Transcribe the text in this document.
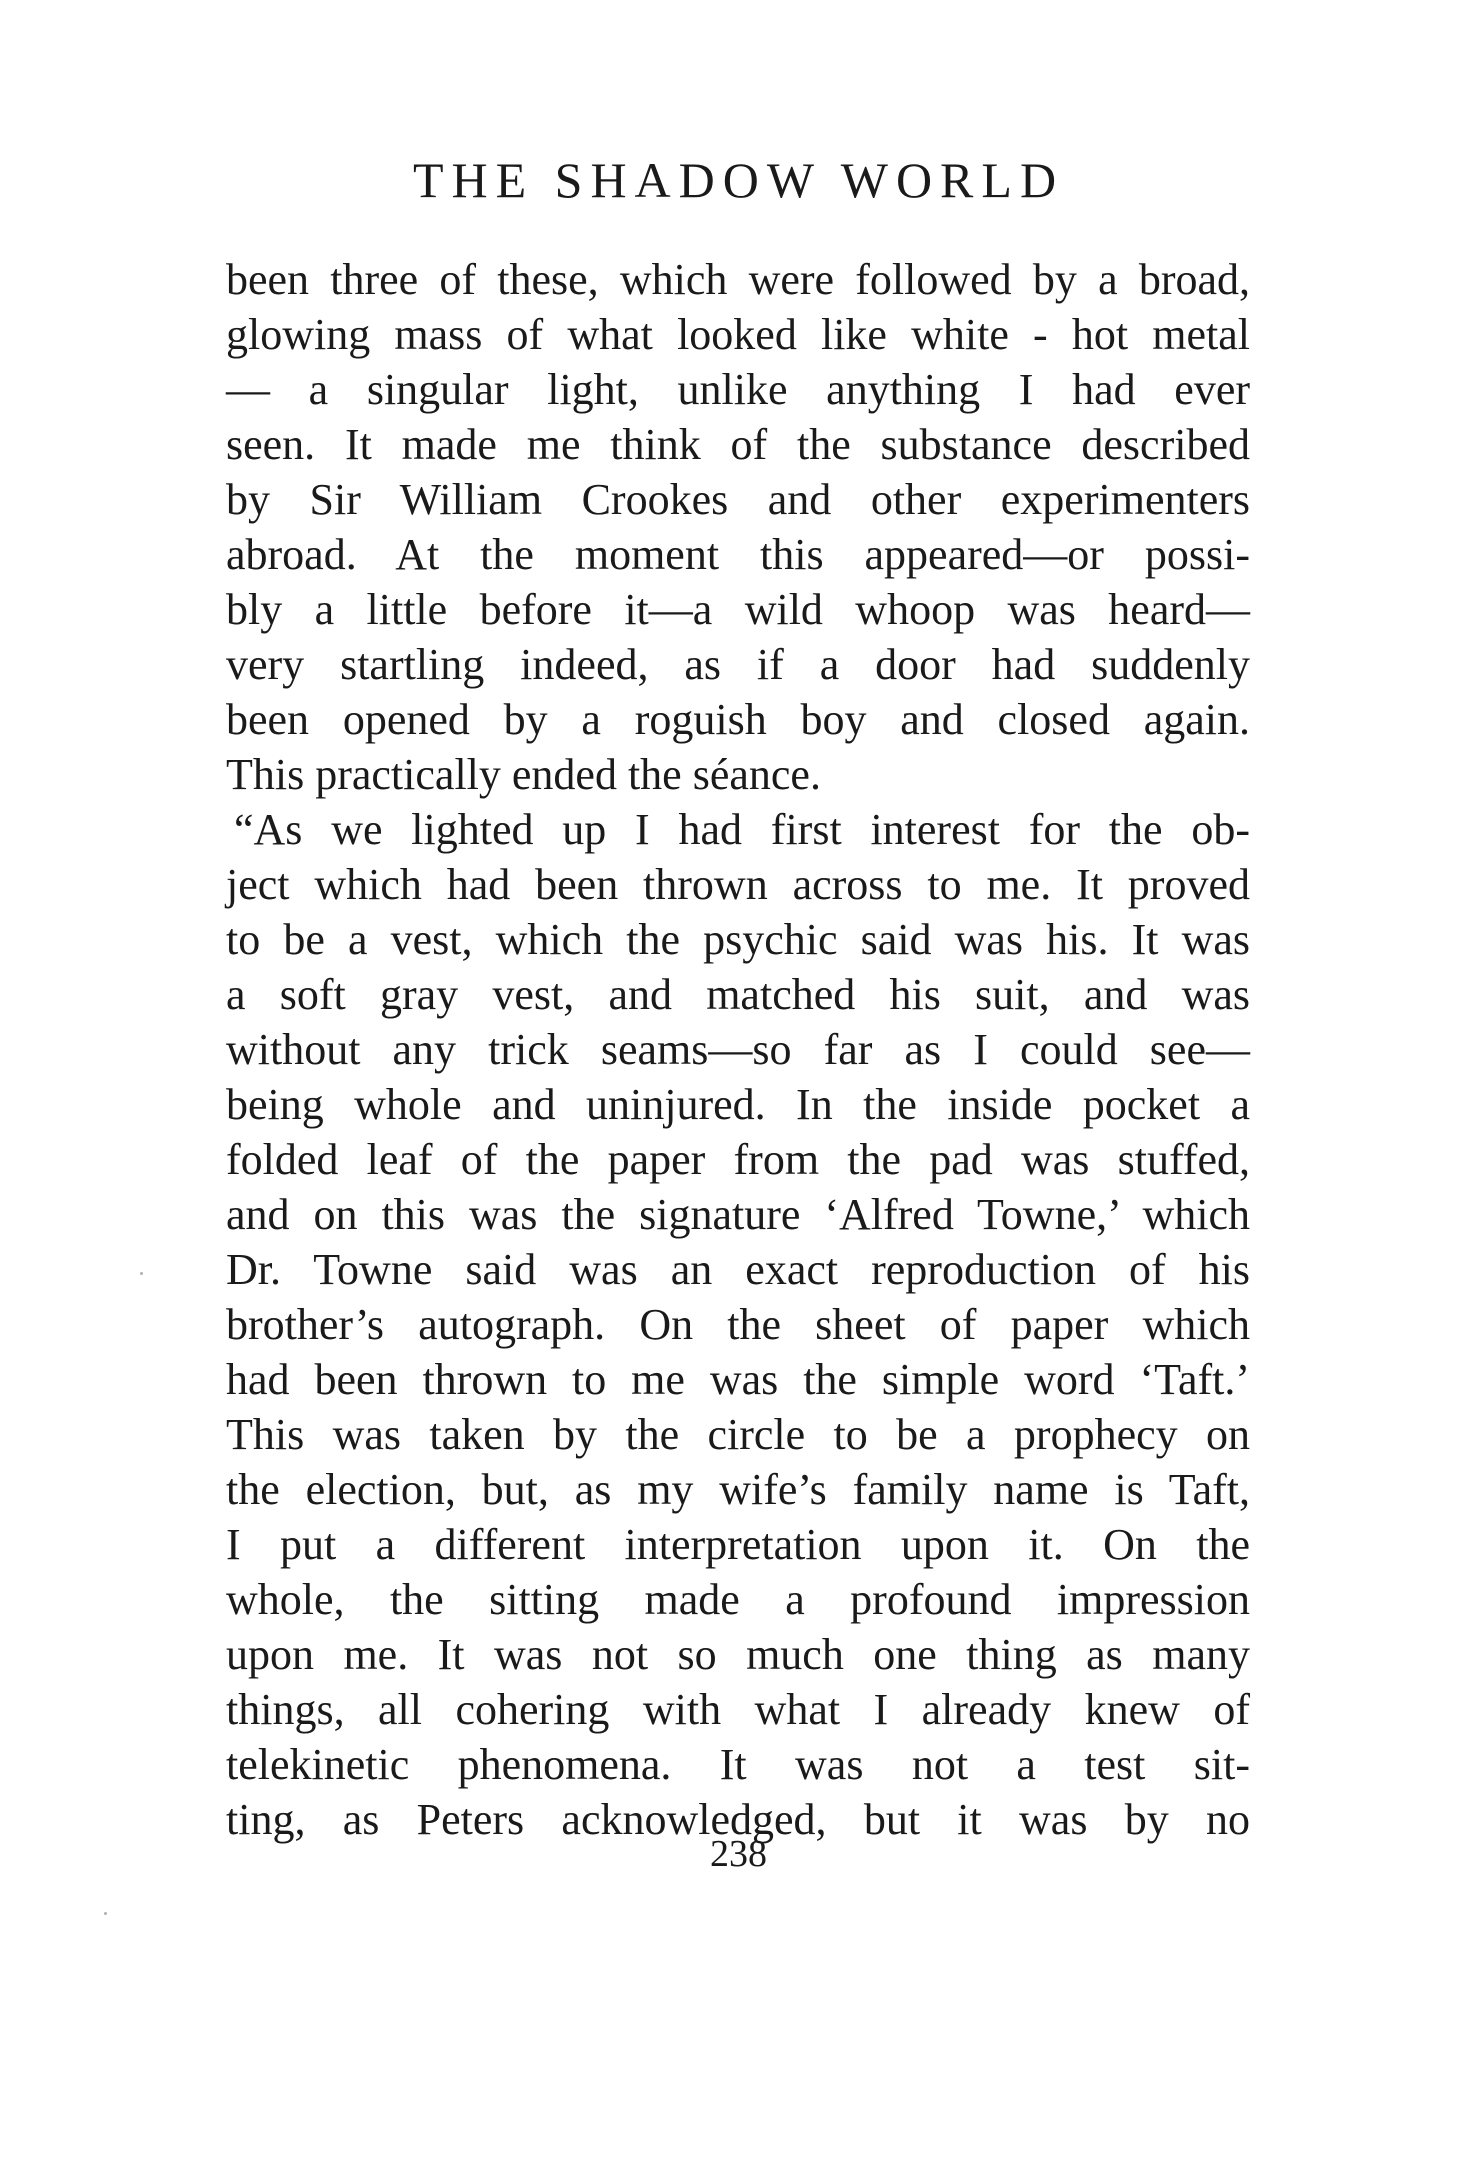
THE SHADOW WORLD
been three of these, which were followed by a broad,
glowing mass of what looked like white - hot metal
— a singular light, unlike anything I had ever
seen. It made me think of the substance described
by Sir William Crookes and other experimenters
abroad. At the moment this appeared—or possi-
bly a little before it—a wild whoop was heard—
very startling indeed, as if a door had suddenly
been opened by a roguish boy and closed again.
This practically ended the séance.
“As we lighted up I had first interest for the ob-
ject which had been thrown across to me. It proved
to be a vest, which the psychic said was his. It was
a soft gray vest, and matched his suit, and was
without any trick seams—so far as I could see—
being whole and uninjured. In the inside pocket a
folded leaf of the paper from the pad was stuffed,
and on this was the signature ‘Alfred Towne,’ which
Dr. Towne said was an exact reproduction of his
brother’s autograph. On the sheet of paper which
had been thrown to me was the simple word ‘Taft.’
This was taken by the circle to be a prophecy on
the election, but, as my wife’s family name is Taft,
I put a different interpretation upon it. On the
whole, the sitting made a profound impression
upon me. It was not so much one thing as many
things, all cohering with what I already knew of
telekinetic phenomena. It was not a test sit-
ting, as Peters acknowledged, but it was by no
238
